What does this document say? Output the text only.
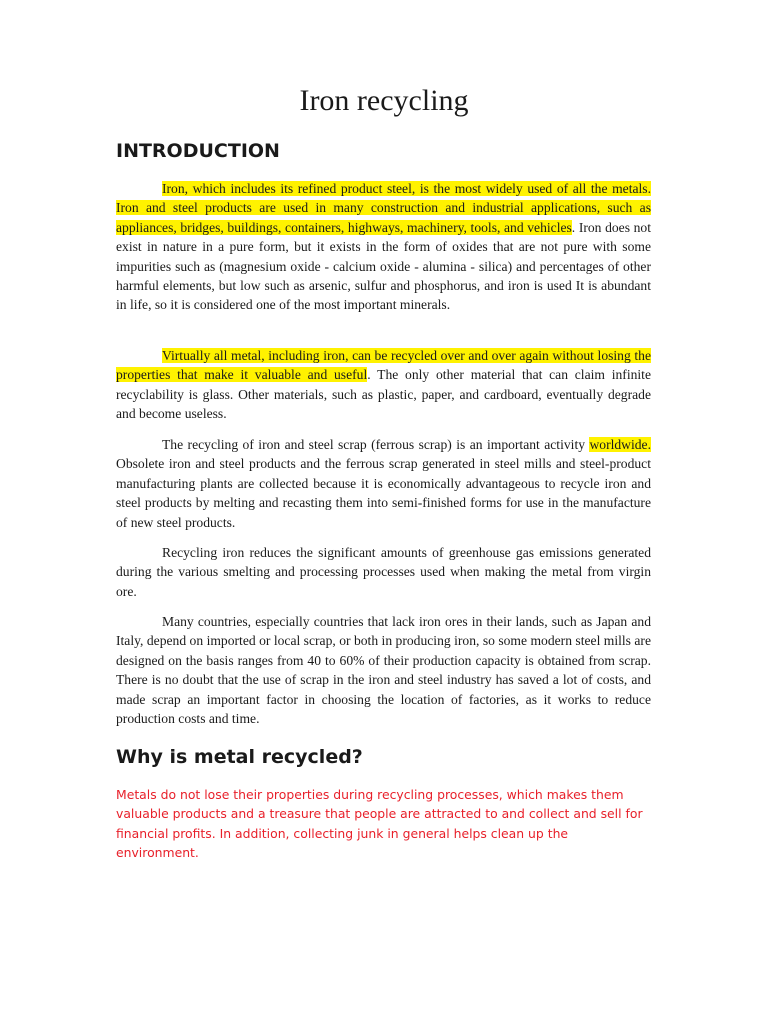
Iron recycling
INTRODUCTION

Iron, which includes its refined product steel, is the most widely used of all the metals. Iron and steel products are used in many construction and industrial applications, such as appliances, bridges, buildings, containers, highways, machinery, tools, and vehicles. Iron does not exist in nature in a pure form, but it exists in the form of oxides that are not pure with some impurities such as (magnesium oxide - calcium oxide - alumina - silica) and percentages of other harmful elements, but low such as arsenic, sulfur and phosphorus, and iron is used It is abundant in life, so it is considered one of the most important minerals.

Virtually all metal, including iron, can be recycled over and over again without losing the properties that make it valuable and useful. The only other material that can claim infinite recyclability is glass. Other materials, such as plastic, paper, and cardboard, eventually degrade and become useless.

The recycling of iron and steel scrap (ferrous scrap) is an important activity worldwide. Obsolete iron and steel products and the ferrous scrap generated in steel mills and steel-product manufacturing plants are collected because it is economically advantageous to recycle iron and steel products by melting and recasting them into semi-finished forms for use in the manufacture of new steel products.

Recycling iron reduces the significant amounts of greenhouse gas emissions generated during the various smelting and processing processes used when making the metal from virgin ore.

Many countries, especially countries that lack iron ores in their lands, such as Japan and Italy, depend on imported or local scrap, or both in producing iron, so some modern steel mills are designed on the basis ranges from 40 to 60% of their production capacity is obtained from scrap. There is no doubt that the use of scrap in the iron and steel industry has saved a lot of costs, and made scrap an important factor in choosing the location of factories, as it works to reduce production costs and time.

Why is metal recycled?

Metals do not lose their properties during recycling processes, which makes them valuable products and a treasure that people are attracted to and collect and sell for financial profits. In addition, collecting junk in general helps clean up the environment.
